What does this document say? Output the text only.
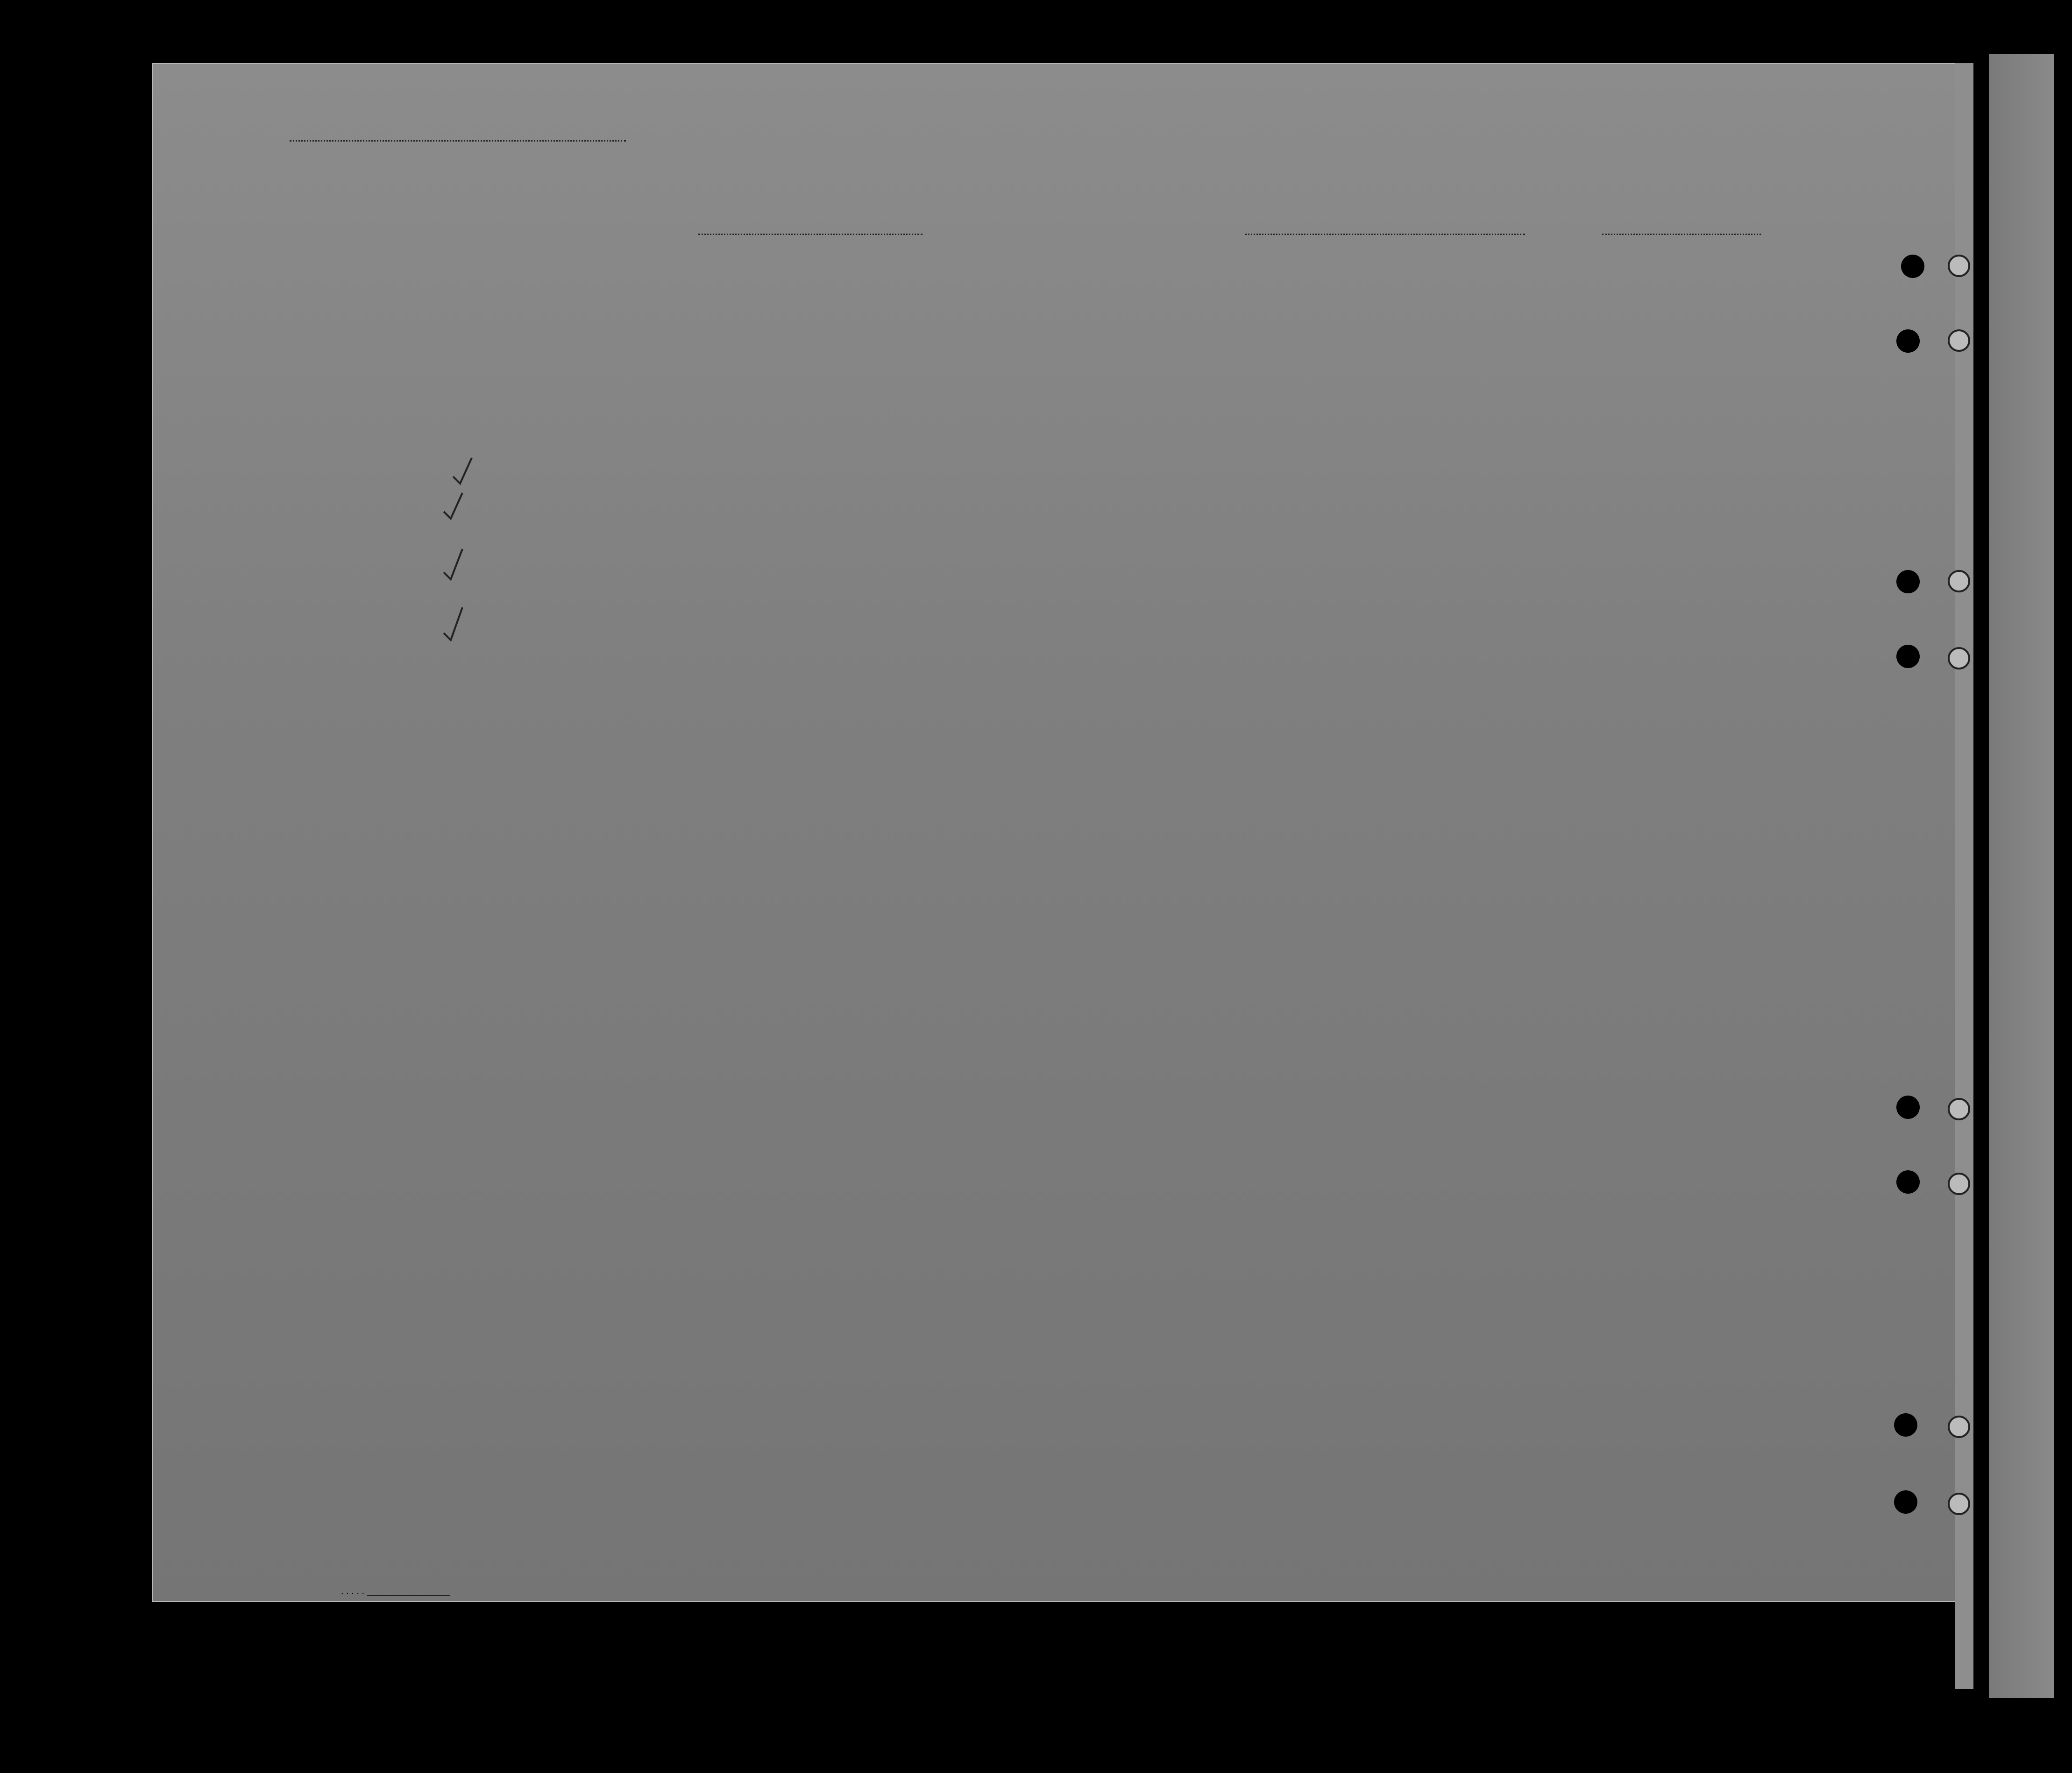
. . . . . ________________
. . . . . ________________
. . . . . . . ________________
